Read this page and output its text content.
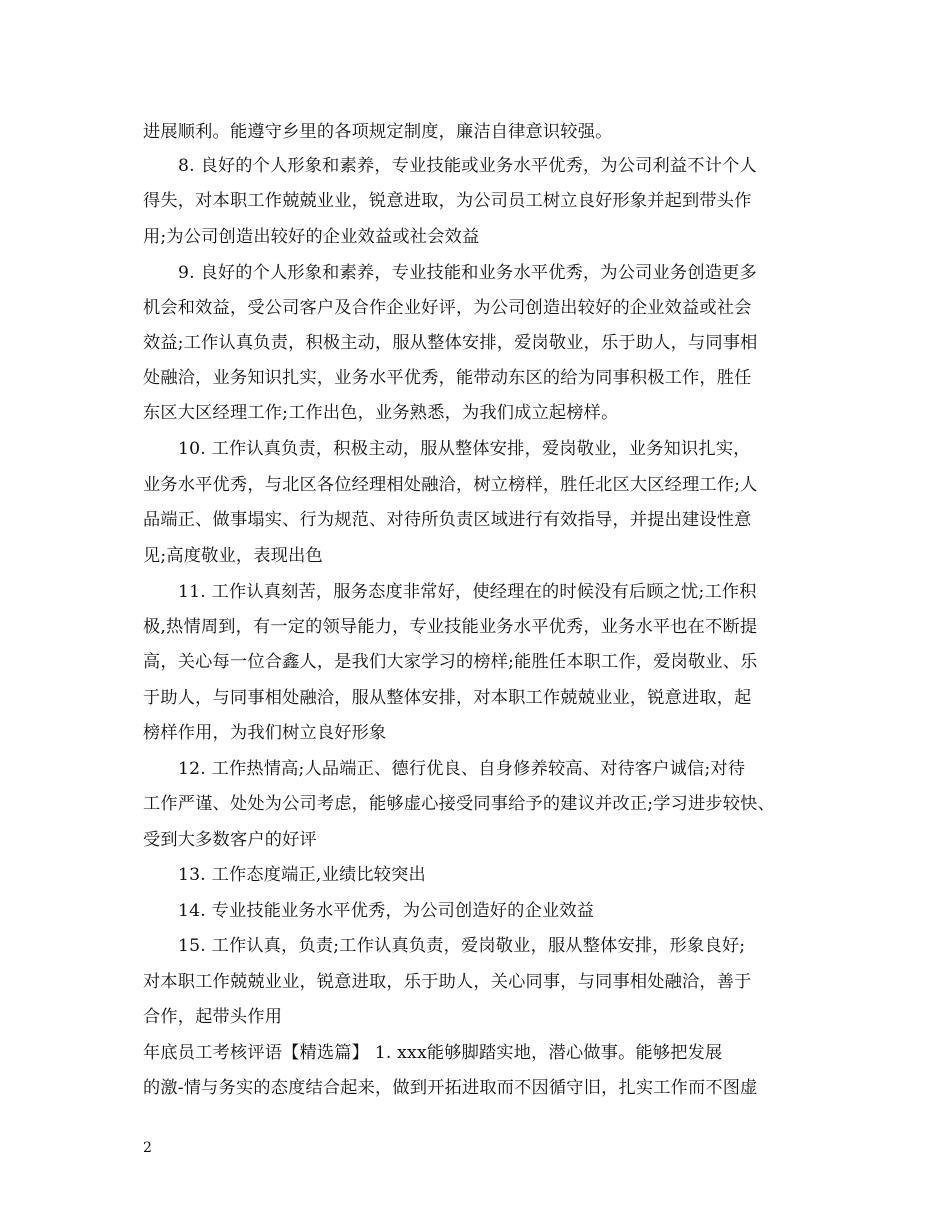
进展顺利。能遵守乡里的各项规定制度，廉洁自律意识较强。
8. 良好的个人形象和素养，专业技能或业务水平优秀，为公司利益不计个人
得失，对本职工作兢兢业业，锐意进取，为公司员工树立良好形象并起到带头作
用;为公司创造出较好的企业效益或社会效益
9. 良好的个人形象和素养，专业技能和业务水平优秀，为公司业务创造更多
机会和效益，受公司客户及合作企业好评，为公司创造出较好的企业效益或社会
效益;工作认真负责，积极主动，服从整体安排，爱岗敬业，乐于助人，与同事相
处融洽，业务知识扎实，业务水平优秀，能带动东区的给为同事积极工作，胜任
东区大区经理工作;工作出色，业务熟悉，为我们成立起榜样。
10. 工作认真负责，积极主动，服从整体安排，爱岗敬业，业务知识扎实，
业务水平优秀，与北区各位经理相处融洽，树立榜样，胜任北区大区经理工作;人
品端正、做事塌实、行为规范、对待所负责区域进行有效指导，并提出建设性意
见;高度敬业，表现出色
11. 工作认真刻苦，服务态度非常好，使经理在的时候没有后顾之忧;工作积
极,热情周到，有一定的领导能力，专业技能业务水平优秀，业务水平也在不断提
高，关心每一位合鑫人，是我们大家学习的榜样;能胜任本职工作，爱岗敬业、乐
于助人，与同事相处融洽，服从整体安排，对本职工作兢兢业业，锐意进取，起
榜样作用，为我们树立良好形象
12. 工作热情高;人品端正、德行优良、自身修养较高、对待客户诚信;对待
工作严谨、处处为公司考虑，能够虚心接受同事给予的建议并改正;学习进步较快、
受到大多数客户的好评
13. 工作态度端正,业绩比较突出
14. 专业技能业务水平优秀，为公司创造好的企业效益
15. 工作认真，负责;工作认真负责，爱岗敬业，服从整体安排，形象良好;
对本职工作兢兢业业，锐意进取，乐于助人，关心同事，与同事相处融洽，善于
合作，起带头作用
年底员工考核评语【精选篇】 1. xxx能够脚踏实地，潜心做事。能够把发展
的激-情与务实的态度结合起来，做到开拓进取而不因循守旧，扎实工作而不图虚
2
